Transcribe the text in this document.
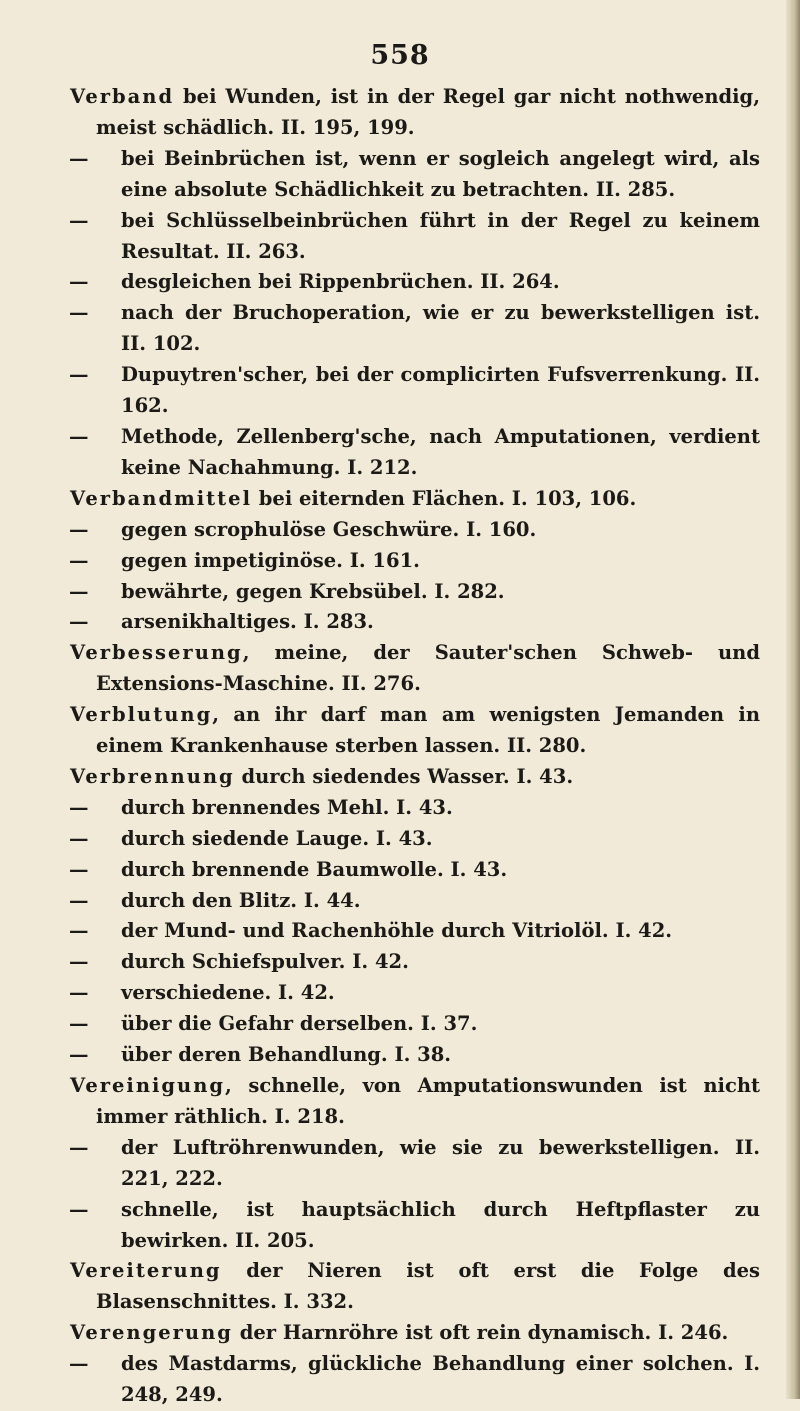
558
Verband bei Wunden, ist in der Regel gar nicht nothwendig, meist schädlich. II. 195, 199.
— bei Beinbrüchen ist, wenn er sogleich angelegt wird, als eine absolute Schädlichkeit zu betrachten. II. 285.
— bei Schlüsselbeinbrüchen führt in der Regel zu keinem Resultat. II. 263.
— desgleichen bei Rippenbrüchen. II. 264.
— nach der Bruchoperation, wie er zu bewerkstelligen ist. II. 102.
— Dupuytren'scher, bei der complicirten Fufsverrenkung. II. 162.
— Methode, Zellenberg'sche, nach Amputationen, verdient keine Nachahmung. I. 212.
Verbandmittel bei eiternden Flächen. I. 103, 106.
— gegen scrophulöse Geschwüre. I. 160.
— gegen impetiginöse. I. 161.
— bewährte, gegen Krebsübel. I. 282.
— arsenikhaltiges. I. 283.
Verbesserung, meine, der Sauter'schen Schweb- und Extensions-Maschine. II. 276.
Verblutung, an ihr darf man am wenigsten Jemanden in einem Krankenhause sterben lassen. II. 280.
Verbrennung durch siedendes Wasser. I. 43.
— durch brennendes Mehl. I. 43.
— durch siedende Lauge. I. 43.
— durch brennende Baumwolle. I. 43.
— durch den Blitz. I. 44.
— der Mund- und Rachenhöhle durch Vitriolöl. I. 42.
— durch Schiefspulver. I. 42.
— verschiedene. I. 42.
— über die Gefahr derselben. I. 37.
— über deren Behandlung. I. 38.
Vereinigung, schnelle, von Amputationswunden ist nicht immer räthlich. I. 218.
— der Luftröhrenwunden, wie sie zu bewerkstelligen. II. 221, 222.
— schnelle, ist hauptsächlich durch Heftpflaster zu bewirken. II. 205.
Vereiterung der Nieren ist oft erst die Folge des Blasenschnittes. I. 332.
Verengerung der Harnröhre ist oft rein dynamisch. I. 246.
— des Mastdarms, glückliche Behandlung einer solchen. I. 248, 249.
